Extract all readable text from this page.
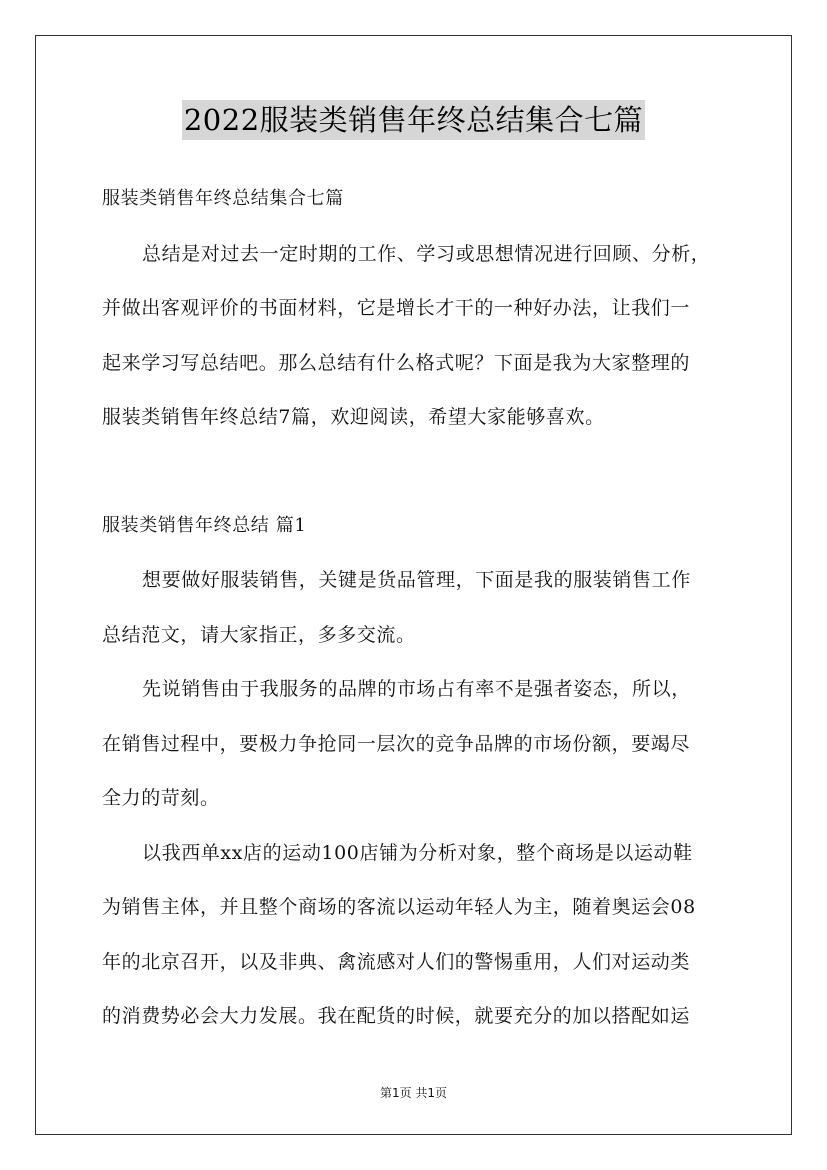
2022服装类销售年终总结集合七篇
服装类销售年终总结集合七篇
总结是对过去一定时期的工作、学习或思想情况进行回顾、分析，
并做出客观评价的书面材料，它是增长才干的一种好办法，让我们一
起来学习写总结吧。那么总结有什么格式呢？下面是我为大家整理的
服装类销售年终总结7篇，欢迎阅读，希望大家能够喜欢。
服装类销售年终总结 篇1
想要做好服装销售，关键是货品管理，下面是我的服装销售工作
总结范文，请大家指正，多多交流。
先说销售由于我服务的品牌的市场占有率不是强者姿态，所以，
在销售过程中，要极力争抢同一层次的竞争品牌的市场份额，要竭尽
全力的苛刻。
以我西单xx店的运动100店铺为分析对象，整个商场是以运动鞋
为销售主体，并且整个商场的客流以运动年轻人为主，随着奥运会08
年的北京召开，以及非典、禽流感对人们的警惕重用，人们对运动类
的消费势必会大力发展。我在配货的时候，就要充分的加以搭配如运
第1页 共1页
